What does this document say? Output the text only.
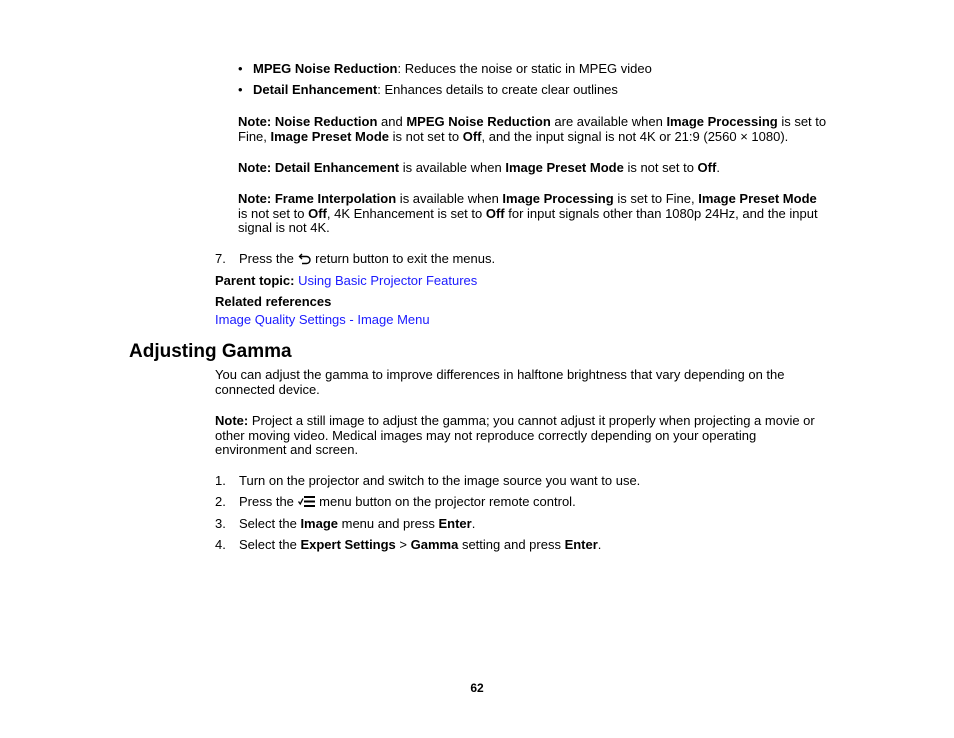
• MPEG Noise Reduction: Reduces the noise or static in MPEG video
• Detail Enhancement: Enhances details to create clear outlines
Note: Noise Reduction and MPEG Noise Reduction are available when Image Processing is set to Fine, Image Preset Mode is not set to Off, and the input signal is not 4K or 21:9 (2560 × 1080).
Note: Detail Enhancement is available when Image Preset Mode is not set to Off.
Note: Frame Interpolation is available when Image Processing is set to Fine, Image Preset Mode is not set to Off, 4K Enhancement is set to Off for input signals other than 1080p 24Hz, and the input signal is not 4K.
7. Press the  return button to exit the menus.
Parent topic: Using Basic Projector Features
Related references
Image Quality Settings - Image Menu
Adjusting Gamma
You can adjust the gamma to improve differences in halftone brightness that vary depending on the connected device.
Note: Project a still image to adjust the gamma; you cannot adjust it properly when projecting a movie or other moving video. Medical images may not reproduce correctly depending on your operating environment and screen.
1. Turn on the projector and switch to the image source you want to use.
2. Press the  menu button on the projector remote control.
3. Select the Image menu and press Enter.
4. Select the Expert Settings > Gamma setting and press Enter.
62
